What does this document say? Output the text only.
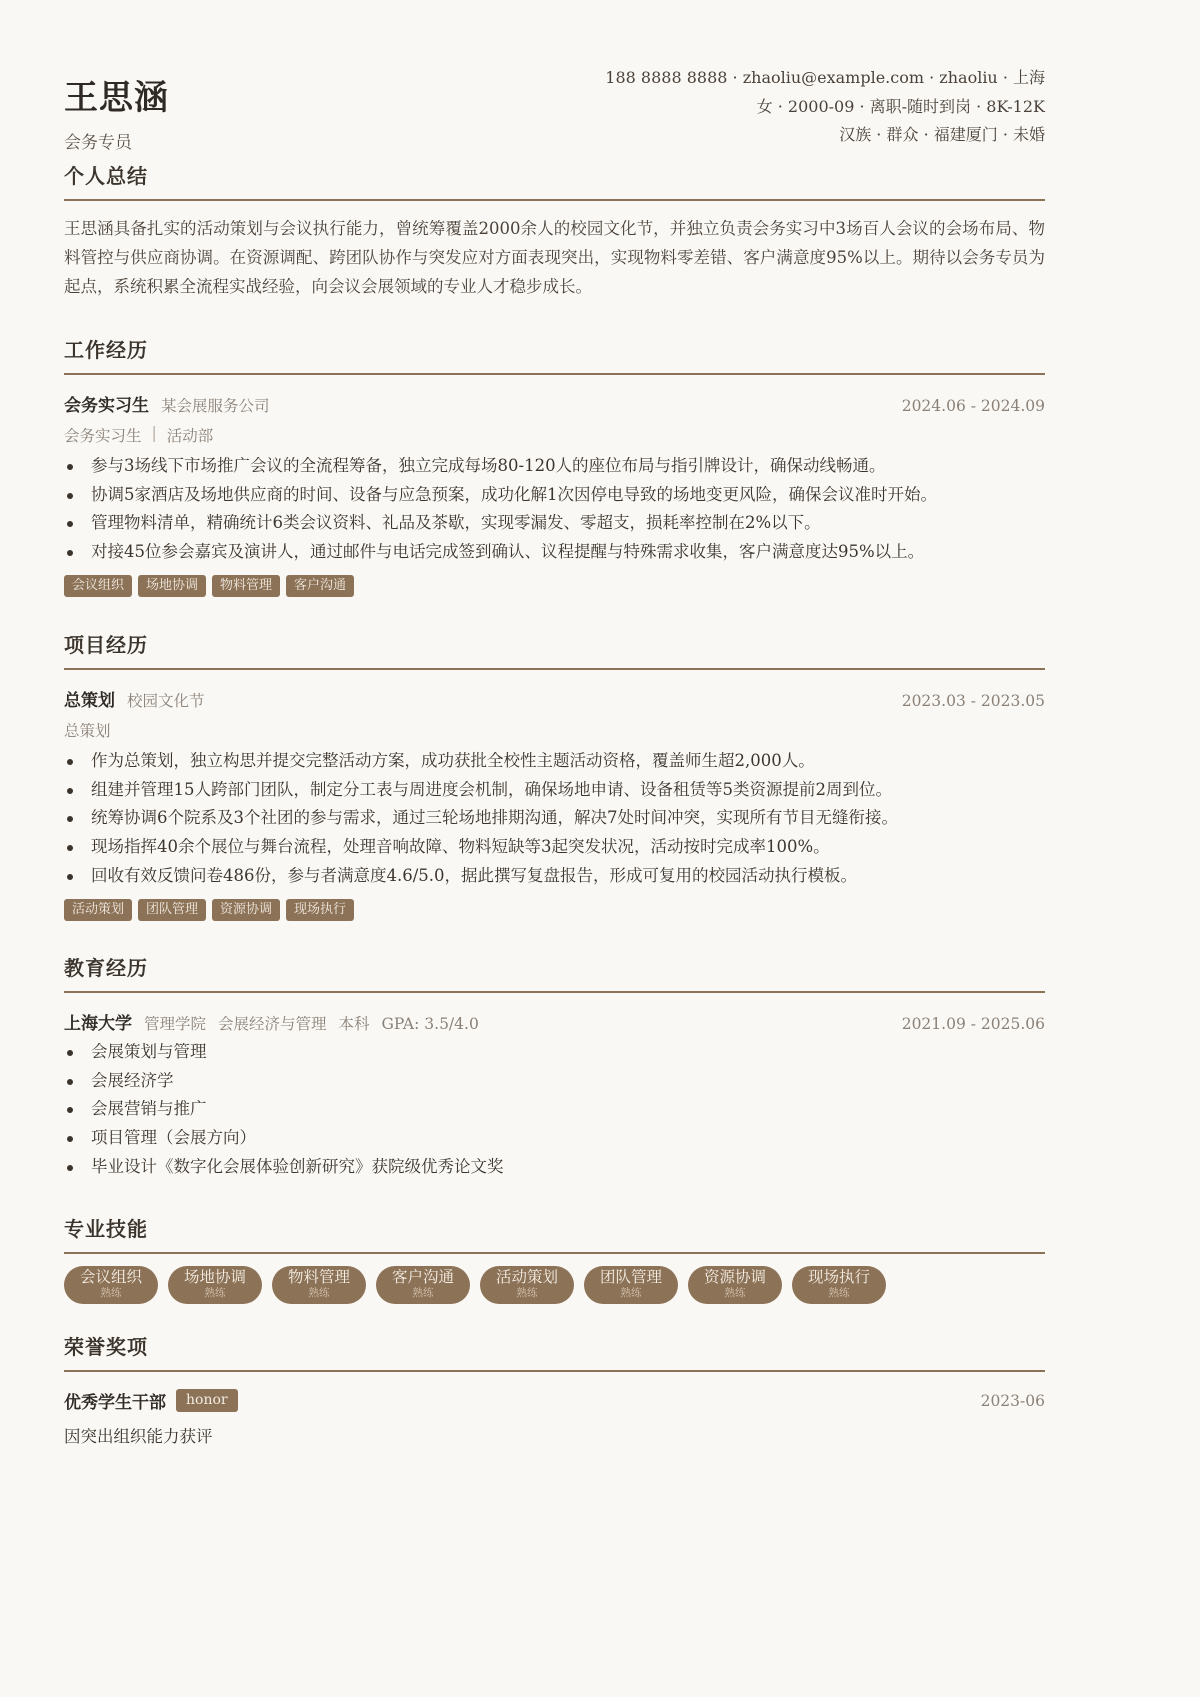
王思涵
会务专员
188 8888 8888 · zhaoliu@example.com · zhaoliu · 上海
女 · 2000-09 · 离职-随时到岗 · 8K-12K
汉族 · 群众 · 福建厦门 · 未婚
个人总结
王思涵具备扎实的活动策划与会议执行能力，曾统筹覆盖2000余人的校园文化节，并独立负责会务实习中3场百人会议的会场布局、物料管控与供应商协调。在资源调配、跨团队协作与突发应对方面表现突出，实现物料零差错、客户满意度95%以上。期待以会务专员为起点，系统积累全流程实战经验，向会议会展领域的专业人才稳步成长。
工作经历
会务实习生 某会展服务公司	2024.06 - 2024.09
会务实习生 | 活动部
参与3场线下市场推广会议的全流程筹备，独立完成每场80-120人的座位布局与指引牌设计，确保动线畅通。
协调5家酒店及场地供应商的时间、设备与应急预案，成功化解1次因停电导致的场地变更风险，确保会议准时开始。
管理物料清单，精确统计6类会议资料、礼品及茶歇，实现零漏发、零超支，损耗率控制在2%以下。
对接45位参会嘉宾及演讲人，通过邮件与电话完成签到确认、议程提醒与特殊需求收集，客户满意度达95%以上。
会议组织	场地协调	物料管理	客户沟通
项目经历
总策划 校园文化节	2023.03 - 2023.05
总策划
作为总策划，独立构思并提交完整活动方案，成功获批全校性主题活动资格，覆盖师生超2,000人。
组建并管理15人跨部门团队，制定分工表与周进度会机制，确保场地申请、设备租赁等5类资源提前2周到位。
统筹协调6个院系及3个社团的参与需求，通过三轮场地排期沟通，解决7处时间冲突，实现所有节目无缝衔接。
现场指挥40余个展位与舞台流程，处理音响故障、物料短缺等3起突发状况，活动按时完成率100%。
回收有效反馈问卷486份，参与者满意度4.6/5.0，据此撰写复盘报告，形成可复用的校园活动执行模板。
活动策划	团队管理	资源协调	现场执行
教育经历
上海大学 管理学院 会展经济与管理 本科 GPA: 3.5/4.0	2021.09 - 2025.06
会展策划与管理
会展经济学
会展营销与推广
项目管理（会展方向）
毕业设计《数字化会展体验创新研究》获院级优秀论文奖
专业技能
会议组织
熟练
场地协调
熟练
物料管理
熟练
客户沟通
熟练
活动策划
熟练
团队管理
熟练
资源协调
熟练
现场执行
熟练
荣誉奖项
优秀学生干部	honor	2023-06
因突出组织能力获评
